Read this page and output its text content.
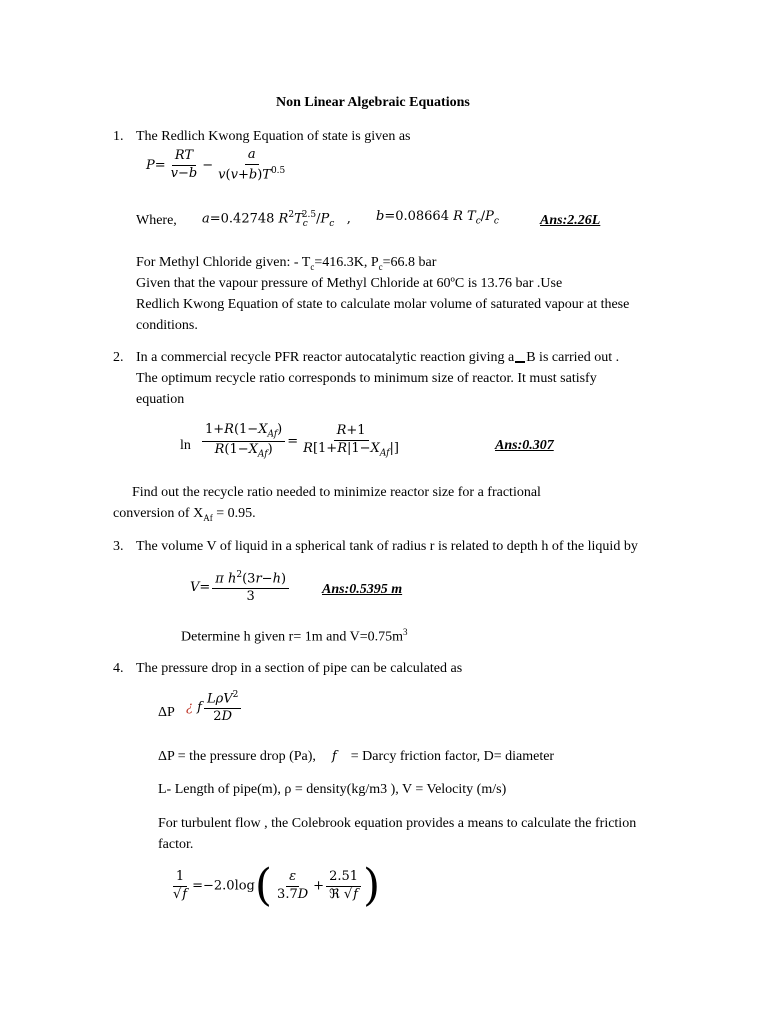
Non Linear Algebraic Equations
1. The Redlich Kwong Equation of state is given as
$P= \frac{RT}{v-b} - \frac{a}{v(v+b)T^{0.5}}$
Where, a=0.42748 $R^2T_c^{2.5}/P_c$   , b=0.08664 R $T_c/P_c$	Ans:2.26L
For Methyl Chloride given: - $T_c=416.3K$, $P_c=66.8$ bar
Given that the vapour pressure of Methyl Chloride at 60ºC is 13.76 bar .Use
Redlich Kwong Equation of state to calculate molar volume of saturated vapour at these
conditions.
2. In a commercial recycle PFR reactor autocatalytic reaction giving a B is carried out .
The optimum recycle ratio corresponds to minimum size of reactor. It must satisfy
equation
$\ln \frac{1+R(1-X_{Af})}{R(1-X_{Af})} = \frac{R+1}{R[1+R|1-X_{Af}|]}$	Ans:0.307
Find out the recycle ratio needed to minimize reactor size for a fractional
conversion of $X_{Af} = 0.95$.
3. The volume V of liquid in a spherical tank of radius r is related to depth h of the liquid by
$V= \frac{\pi h^2(3r-h)}{3}$ Ans:0.5395 m
Determine h given r= 1m and $V=0.75m^3$
4. The pressure drop in a section of pipe can be calculated as
ΔP ¿ f $\frac{L\rho V^2}{2D}$
ΔP = the pressure drop (Pa), f = Darcy friction factor, D= diameter
L- Length of pipe(m), ρ = density(kg/m3 ), V = Velocity (m/s)
For turbulent flow , the Colebrook equation provides a means to calculate the friction
factor.
$\frac{1}{√f} =-2.0\log( \frac{\varepsilon}{3.7D} + \frac{2.51}{\text{ℜ √f}}$ )
